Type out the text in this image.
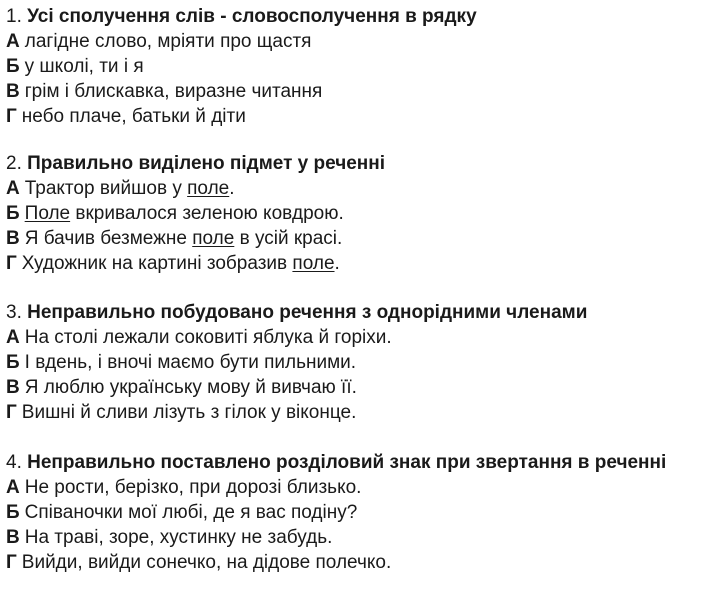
1. Усі сполучення слів - словосполучення в рядку
А лагідне слово, мріяти про щастя
Б у школі, ти і я
В грім і блискавка, виразне читання
Г небо плаче, батьки й діти
2. Правильно виділено підмет у реченні
А Трактор вийшов у поле.
Б Поле вкривалося зеленою ковдрою.
В Я бачив безмежне поле в усій красі.
Г Художник на картині зобразив поле.
3. Неправильно побудовано речення з однорідними членами
А На столі лежали соковиті яблука й горіхи.
Б І вдень, і вночі маємо бути пильними.
В Я люблю українську мову й вивчаю її.
Г Вишні й сливи лізуть з гілок у віконце.
4. Неправильно поставлено розділовий знак при звертання в реченні
А Не рости, берізко, при дорозі близько.
Б Співаночки мої любі, де я вас подіну?
В На траві, зоре, хустинку не забудь.
Г Вийди, вийди сонечко, на дідове полечко.
